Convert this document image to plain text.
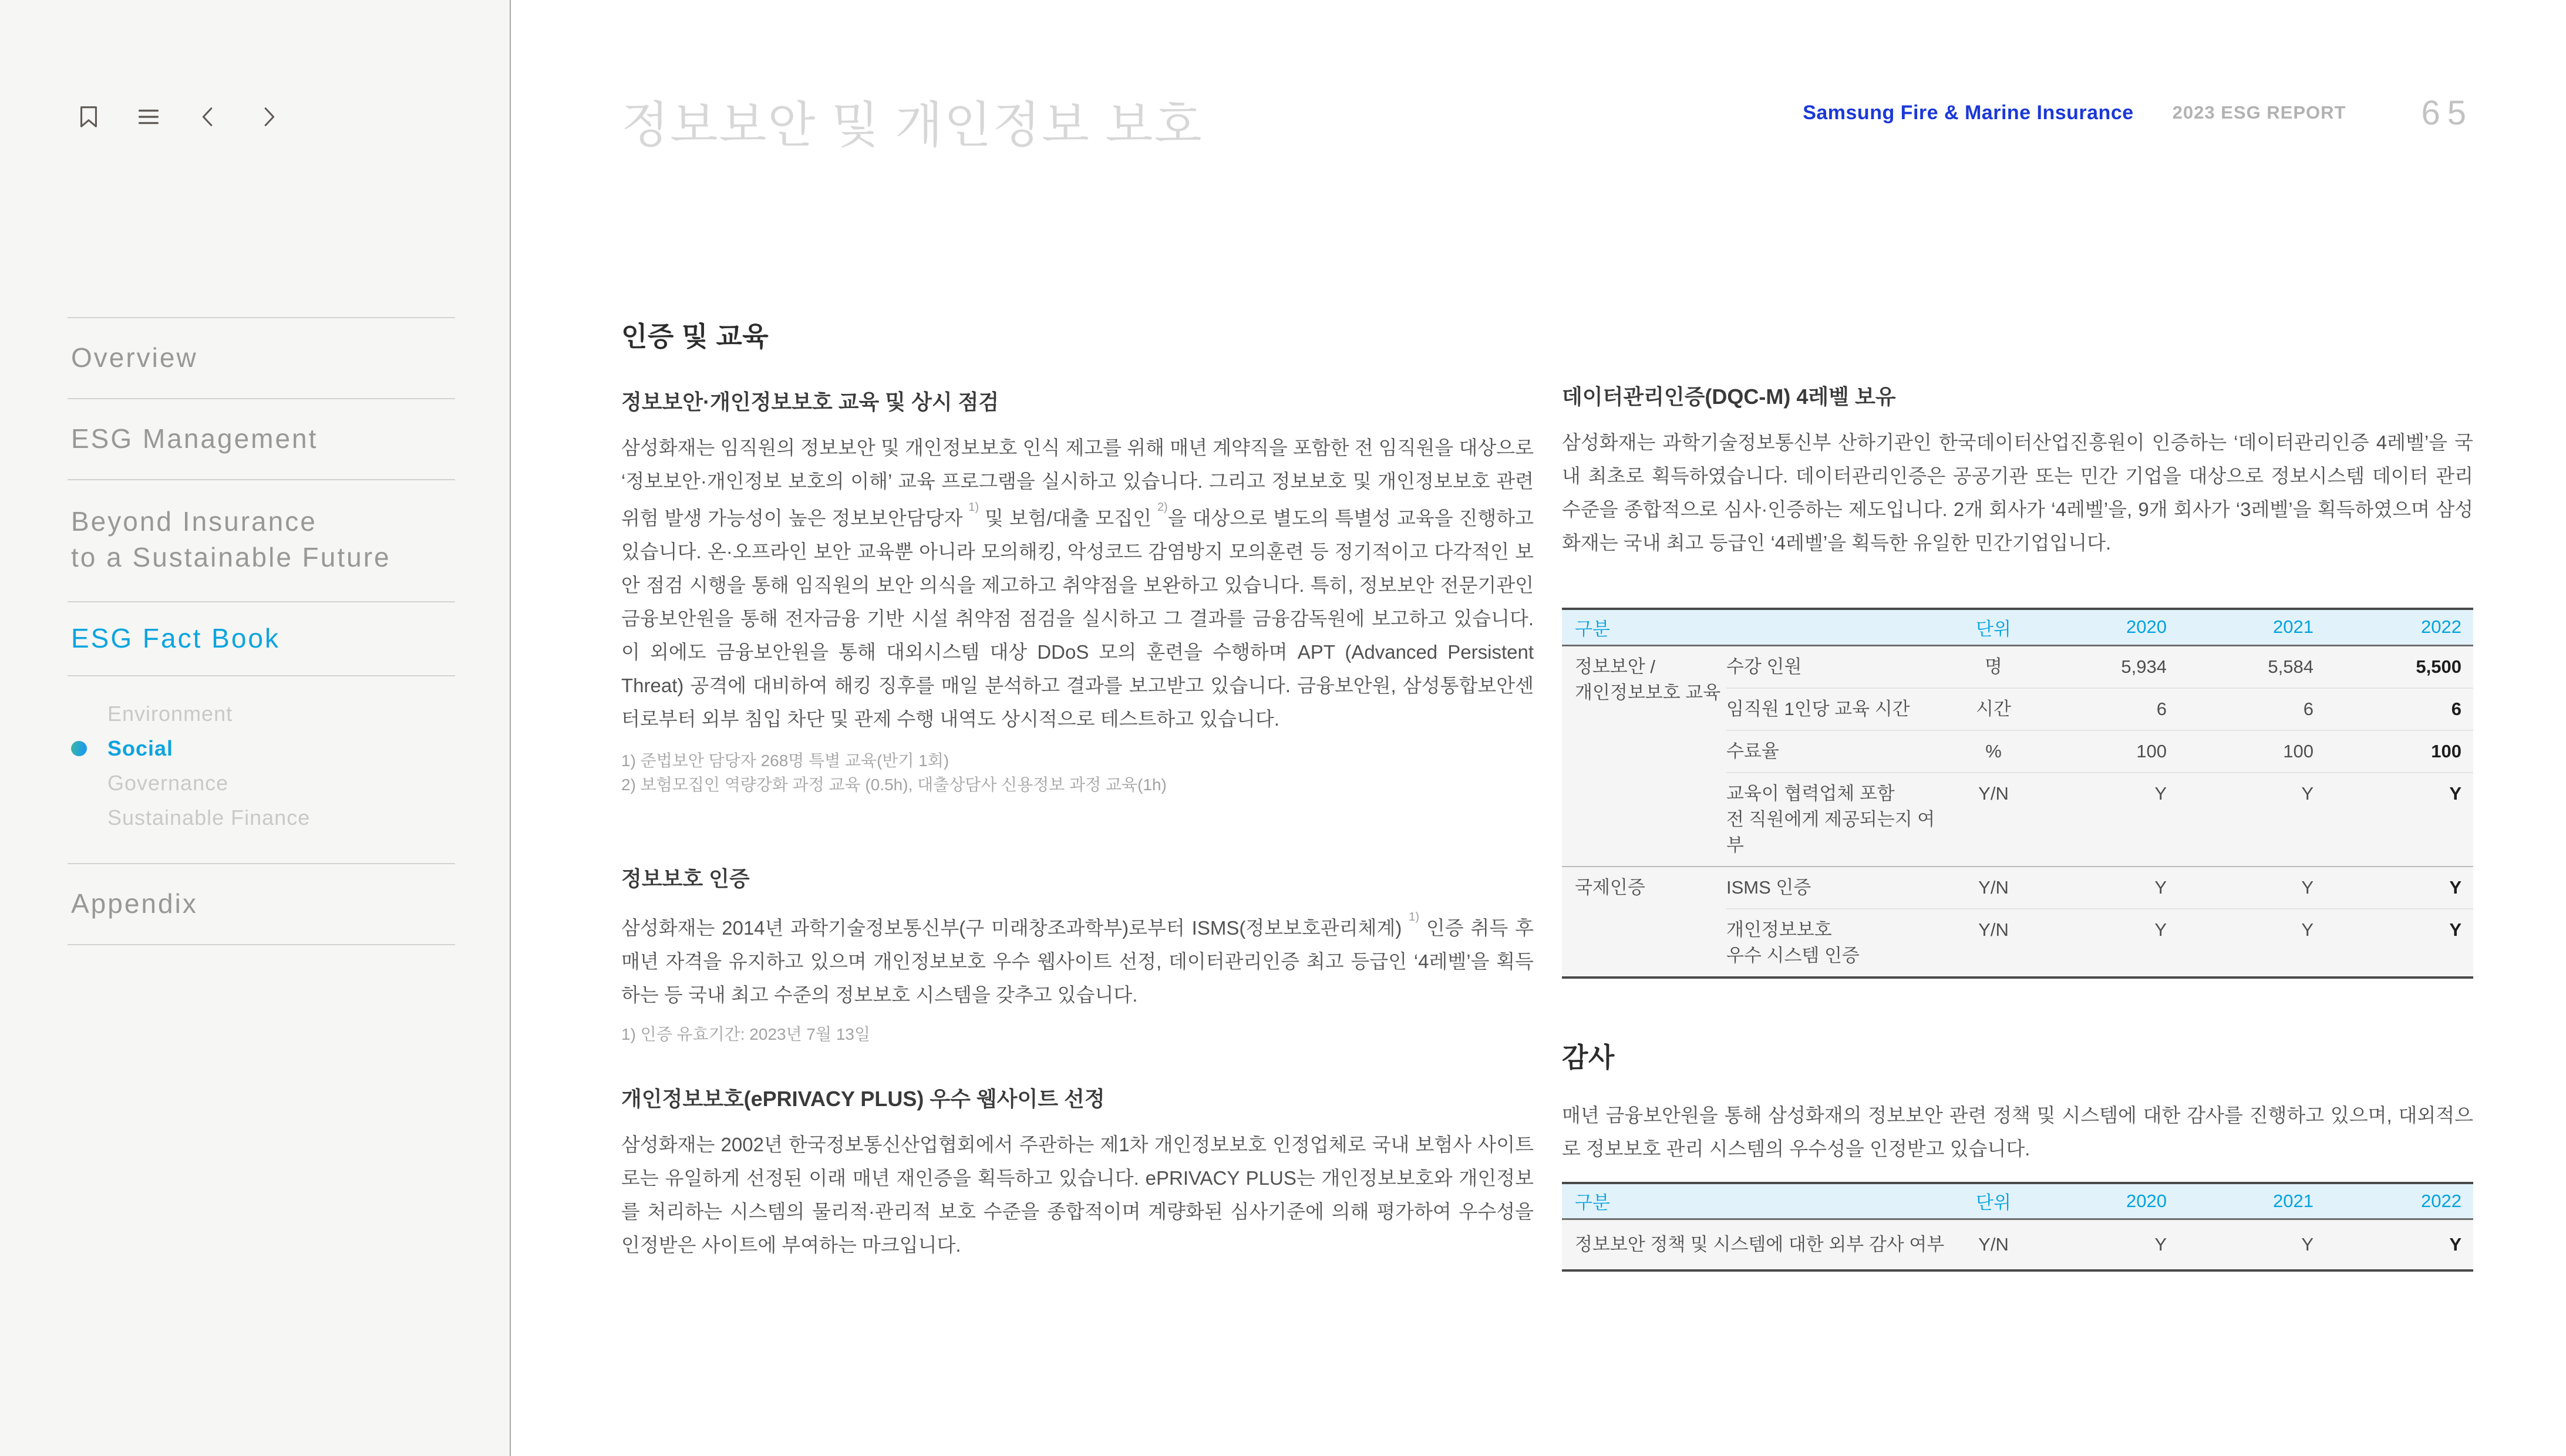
Overview
ESG Management
Beyond Insurance
to a Sustainable Future
ESG Fact Book
Environment
Social
Governance
Sustainable Finance
Appendix
정보보안 및 개인정보 보호	Samsung Fire & Marine Insurance 2023 ESG REPORT 65
인증 및 교육
정보보안·개인정보보호 교육 및 상시 점검

삼성화재는 임직원의 정보보안 및 개인정보보호 인식 제고를 위해 매년 계약직을 포함한 전 임직원을 대상으로 ‘정보보안·개인정보 보호의 이해’ 교육 프로그램을 실시하고 있습니다. 그리고 정보보호 및 개인정보보호 관련 위험 발생 가능성이 높은 정보보안담당자 $^{1)}$ 및 보험/대출 모집인 $^{2)}$을 대상으로 별도의 특별성 교육을 진행하고 있습니다. 온·오프라인 보안 교육뿐 아니라 모의해킹, 악성코드 감염방지 모의훈련 등 정기적이고 다각적인 보안 점검 시행을 통해 임직원의 보안 의식을 제고하고 취약점을 보완하고 있습니다. 특히, 정보보안 전문기관인 금융보안원을 통해 전자금융 기반 시설 취약점 점검을 실시하고 그 결과를 금융감독원에 보고하고 있습니다. 이 외에도 금융보안원을 통해 대외시스템 대상 DDoS 모의 훈련을 수행하며 APT (Advanced Persistent Threat) 공격에 대비하여 해킹 징후를 매일 분석하고 결과를 보고받고 있습니다. 금융보안원, 삼성통합보안센터로부터 외부 침입 차단 및 관제 수행 내역도 상시적으로 테스트하고 있습니다.

1) 준법보안 담당자 268명 특별 교육(반기 1회)
2) 보험모집인 역량강화 과정 교육 (0.5h), 대출상담사 신용정보 과정 교육(1h)
정보보호 인증

삼성화재는 2014년 과학기술정보통신부(구 미래창조과학부)로부터 ISMS(정보보호관리체계) $^{1)}$ 인증 취득 후 매년 자격을 유지하고 있으며 개인정보보호 우수 웹사이트 선정, 데이터관리인증 최고 등급인 ‘4레벨’을 획득하는 등 국내 최고 수준의 정보보호 시스템을 갖추고 있습니다.

1) 인증 유효기간: 2023년 7월 13일
개인정보보호(ePRIVACY PLUS) 우수 웹사이트 선정

삼성화재는 2002년 한국정보통신산업협회에서 주관하는 제1차 개인정보보호 인정업체로 국내 보험사 사이트로는 유일하게 선정된 이래 매년 재인증을 획득하고 있습니다. ePRIVACY PLUS는 개인정보보호와 개인정보를 처리하는 시스템의 물리적·관리적 보호 수준을 종합적이며 계량화된 심사기준에 의해 평가하여 우수성을 인정받은 사이트에 부여하는 마크입니다.

데이터관리인증(DQC-M) 4레벨 보유

삼성화재는 과학기술정보통신부 산하기관인 한국데이터산업진흥원이 인증하는 ‘데이터관리인증 4레벨’을 국내 최초로 획득하였습니다. 데이터관리인증은 공공기관 또는 민간 기업을 대상으로 정보시스템 데이터 관리 수준을 종합적으로 심사·인증하는 제도입니다. 2개 회사가 ‘4레벨’을, 9개 회사가 ‘3레벨’을 획득하였으며 삼성화재는 국내 최고 등급인 ‘4레벨’을 획득한 유일한 민간기업입니다.

구분		단위	2020	2021	2022

정보보안 /
개인정보보호 교육	수강 인원	명	5,934	5,584	5,500

	임직원 1인당 교육 시간	시간	6	6	6

	수료율	%	100	100	100

	교육이 협력업체 포함
전 직원에게 제공되는지 여부	Y/N	Y	Y	Y

국제인증	ISMS 인증	Y/N	Y	Y	Y

	개인정보보호
우수 시스템 인증	Y/N	Y	Y	Y
감사

매년 금융보안원을 통해 삼성화재의 정보보안 관련 정책 및 시스템에 대한 감사를 진행하고 있으며, 대외적으로 정보보호 관리 시스템의 우수성을 인정받고 있습니다.

구분	단위	2020	2021	2022
정보보안 정책 및 시스템에 대한 외부 감사 여부	Y/N	Y	Y	Y
